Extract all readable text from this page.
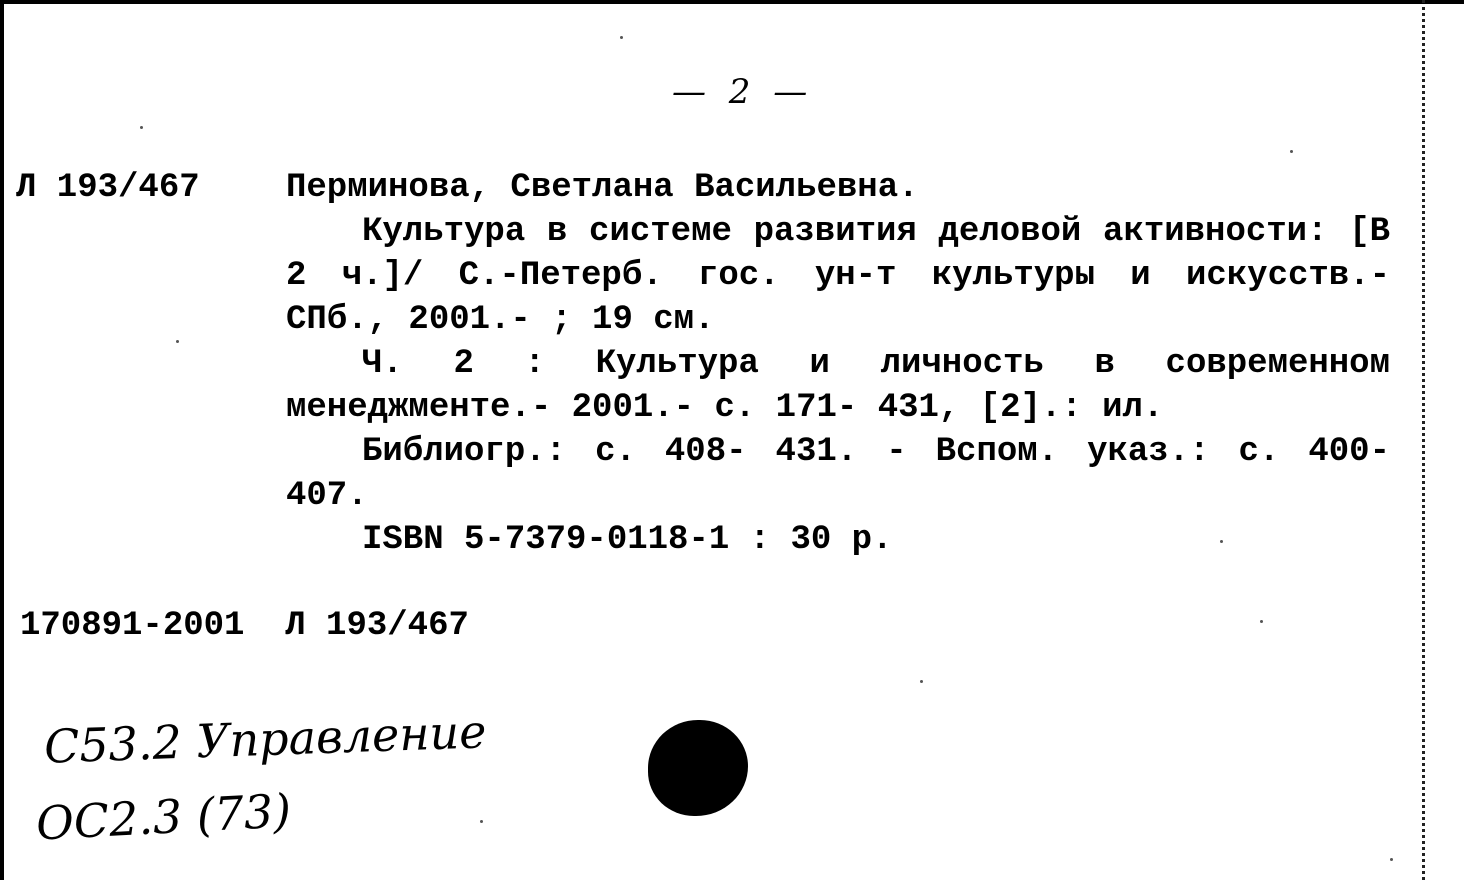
— 2 —
Л 193/467	Перминова, Светлана Васильевна.

Культура в системе развития деловой активности: [В 2 ч.]/ С.-Петерб. гос. ун-т культуры и искусств.- СПб., 2001.- ; 19 см.

Ч. 2 : Культура и личность в современном менеджменте.- 2001.- с. 171- 431, [2].: ил.

Библиогр.: с. 408- 431. - Вспом. указ.: с. 400- 407.

ISBN 5-7379-0118-1 : 30 р.

170891-2001  Л 193/467
С53.2 Управление
ОС2.3 (73)
